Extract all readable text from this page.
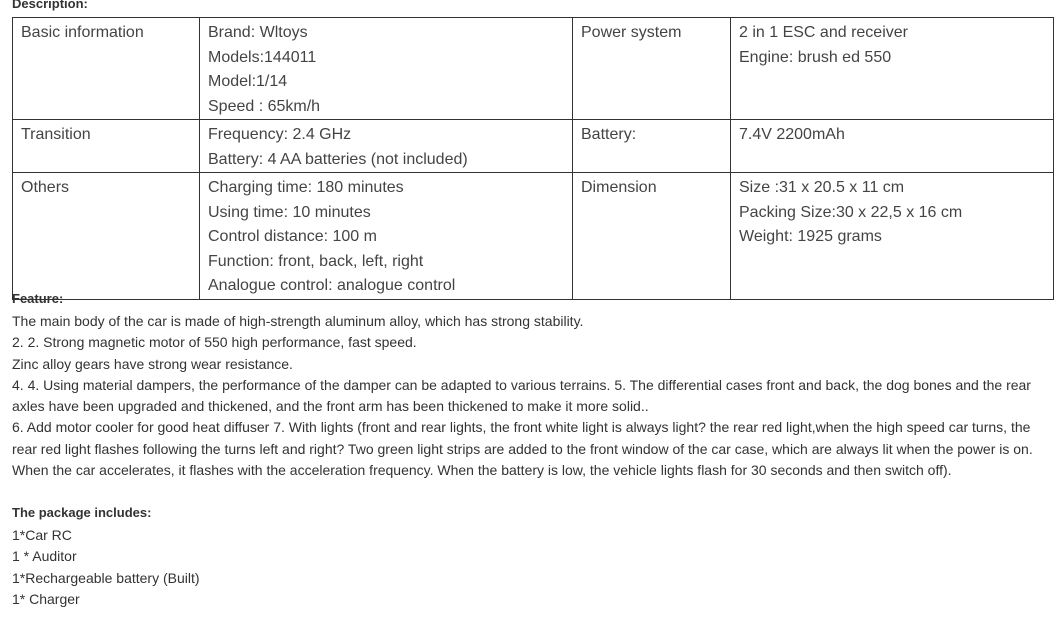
Description:
Basic information	Brand: Wltoys
Models:144011
Model:1/14
Speed : 65km/h	Power system	2 in 1 ESC and receiver
Engine: brush ed 550

Transition	Frequency: 2.4 GHz
Battery: 4 AA batteries (not included)	Battery:	7.4V 2200mAh

Others	Charging time: 180 minutes
Using time: 10 minutes
Control distance: 100 m
Function: front, back, left, right
Analogue control: analogue control	Dimension	Size :31 x 20.5 x 11 cm
Packing Size:30 x 22,5 x 16 cm
Weight: 1925 grams
Feature:

The main body of the car is made of high-strength aluminum alloy, which has strong stability.

2. 2. Strong magnetic motor of 550 high performance, fast speed.

Zinc alloy gears have strong wear resistance.

4. 4. Using material dampers, the performance of the damper can be adapted to various terrains. 5. The differential cases front and back, the dog bones and the rear axles have been upgraded and thickened, and the front arm has been thickened to make it more solid..

6. Add motor cooler for good heat diffuser 7. With lights (front and rear lights, the front white light is always light? the rear red light,when the high speed car turns, the rear red light flashes following the turns left and right? Two green light strips are added to the front window of the car case, which are always lit when the power is on. When the car accelerates, it flashes with the acceleration frequency. When the battery is low, the vehicle lights flash for 30 seconds and then switch off).

The package includes:

1*Car RC

1 * Auditor

1*Rechargeable battery (Built)

1* Charger
